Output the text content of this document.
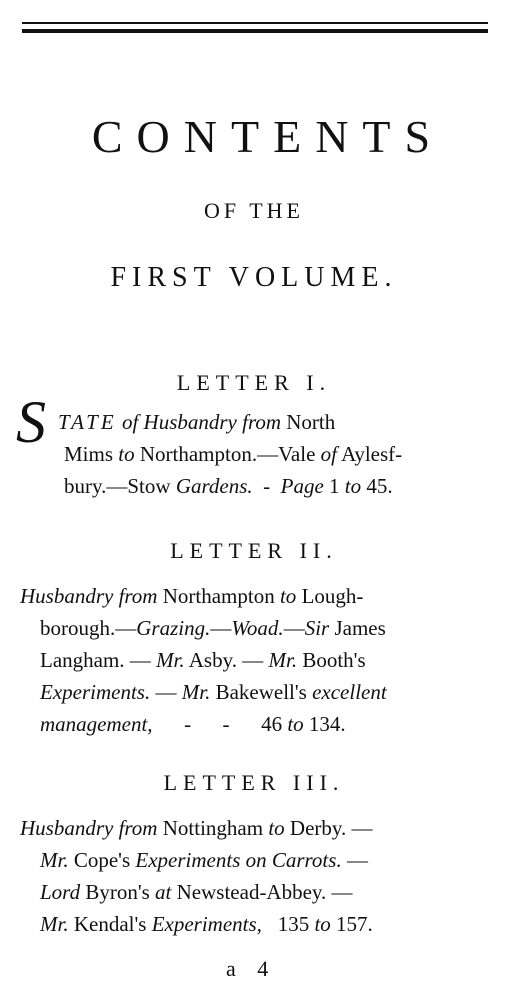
CONTENTS
OF THE
FIRST VOLUME.
LETTER I.
S TATE of Husbandry from North
Mims to Northampton.—Vale of Aylesf-
bury.—Stow Gardens.  -  Page 1 to 45.
LETTER II.
Husbandry from Northampton to Lough-
borough.—Grazing.—Woad.—Sir James
Langham. — Mr. Asby. — Mr. Booth's
Experiments. — Mr. Bakewell's excellent
management,      -      -      46 to 134.
LETTER III.
Husbandry from Nottingham to Derby. —
Mr. Cope's Experiments on Carrots. —
Lord Byron's at Newstead-Abbey. —
Mr. Kendal's Experiments,   135 to 157.
a 4
